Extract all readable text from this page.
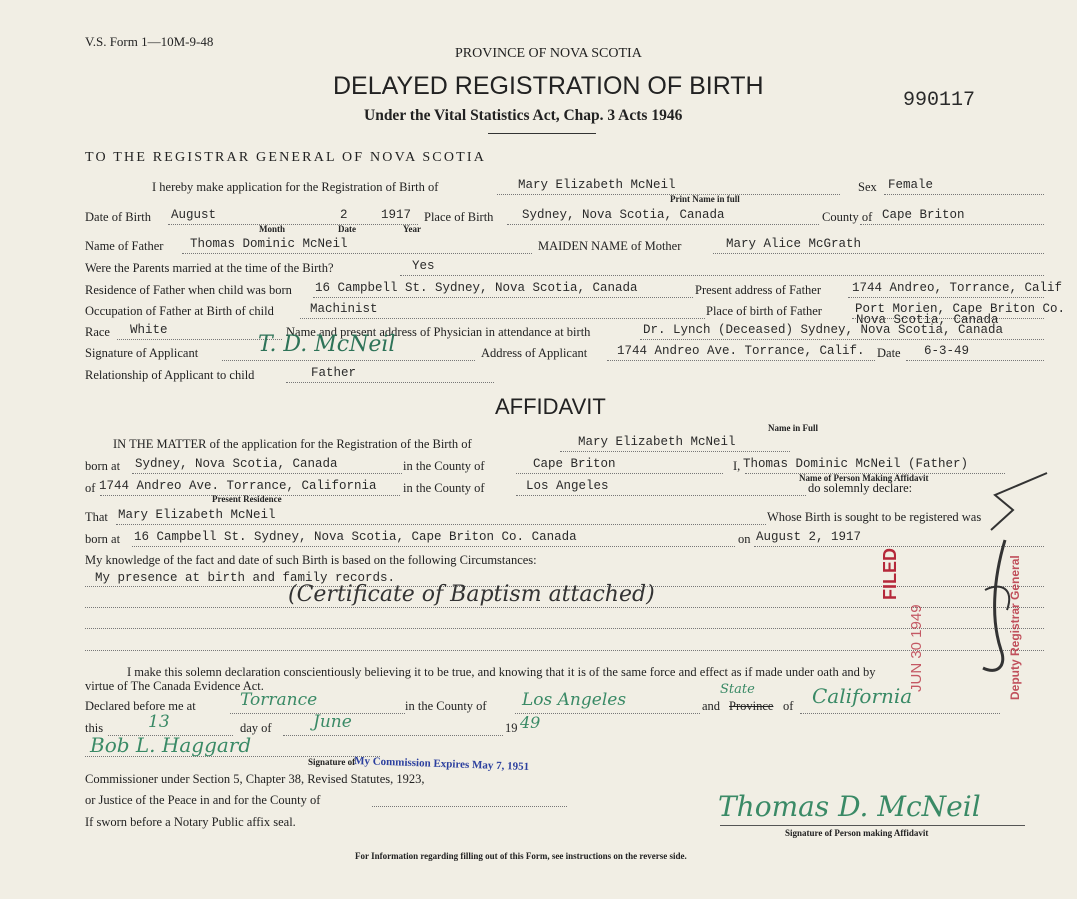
V.S. Form 1—10M-9-48
PROVINCE OF NOVA SCOTIA
DELAYED REGISTRATION OF BIRTH
Under the Vital Statistics Act, Chap. 3 Acts 1946
990117
TO THE REGISTRAR GENERAL OF NOVA SCOTIA
I hereby make application for the Registration of Birth of	Mary Elizabeth McNeil
Print Name in full
Sex Female
Date of Birth August	2	1917
Month	Date	Year
Place of Birth Sydney, Nova Scotia, Canada	County of Cape Briton
Name of Father Thomas Dominic McNeil	MAIDEN NAME of Mother	Mary Alice McGrath
Were the Parents married at the time of the Birth?	Yes
Residence of Father when child was born 16 Campbell St. Sydney, Nova Scotia, Canada	Present address of Father 1744 Andreo, Torrance, Calif
Occupation of Father at Birth of child	Machinist	Place of birth of Father	Port Morien, Cape Briton Co.
Nova Scotia, Canada
Race White	Name and present address of Physician in attendance at birth	Dr. Lynch (Deceased) Sydney, Nova Scotia, Canada
Signature of Applicant	T. D. McNeil	Address of Applicant 1744 Andreo Ave. Torrance, Calif. Date 6-3-49
Relationship of Applicant to child	Father
AFFIDAVIT
IN THE MATTER of the application for the Registration of the Birth of	Mary Elizabeth McNeil
Name in Full
born at Sydney, Nova Scotia, Canada	in the County of	Cape Briton	I, Thomas Dominic McNeil (Father)
Name of Person Making Affidavit
of 1744 Andreo Ave. Torrance, California
Present Residence
in the County of	Los Angeles	do solemnly declare:
That Mary Elizabeth McNeil	Whose Birth is sought to be registered was
born at 16 Campbell St. Sydney, Nova Scotia, Cape Briton Co. Canada	on August 2, 1917
My knowledge of the fact and date of such Birth is based on the following Circumstances:
My presence at birth and family records.
(Certificate of Baptism attached)
I make this solemn declaration conscientiously believing it to be true, and knowing that it is of the same force and effect as if made under oath and by
virtue of The Canada Evidence Act.
Declared before me at	Torrance	in the County of Los Angeles	and Province
State
of California
this	13	day of June	19 49
Bob L. Haggard
Signature of
My Commission Expires May 7, 1951
Commissioner under Section 5, Chapter 38, Revised Statutes, 1923,
or Justice of the Peace in and for the County of
If sworn before a Notary Public affix seal.	Thomas D. McNeil
Signature of Person making Affidavit
FILED
JUN 30 1949	Deputy Registrar General
For Information regarding filling out of this Form, see instructions on the reverse side.
